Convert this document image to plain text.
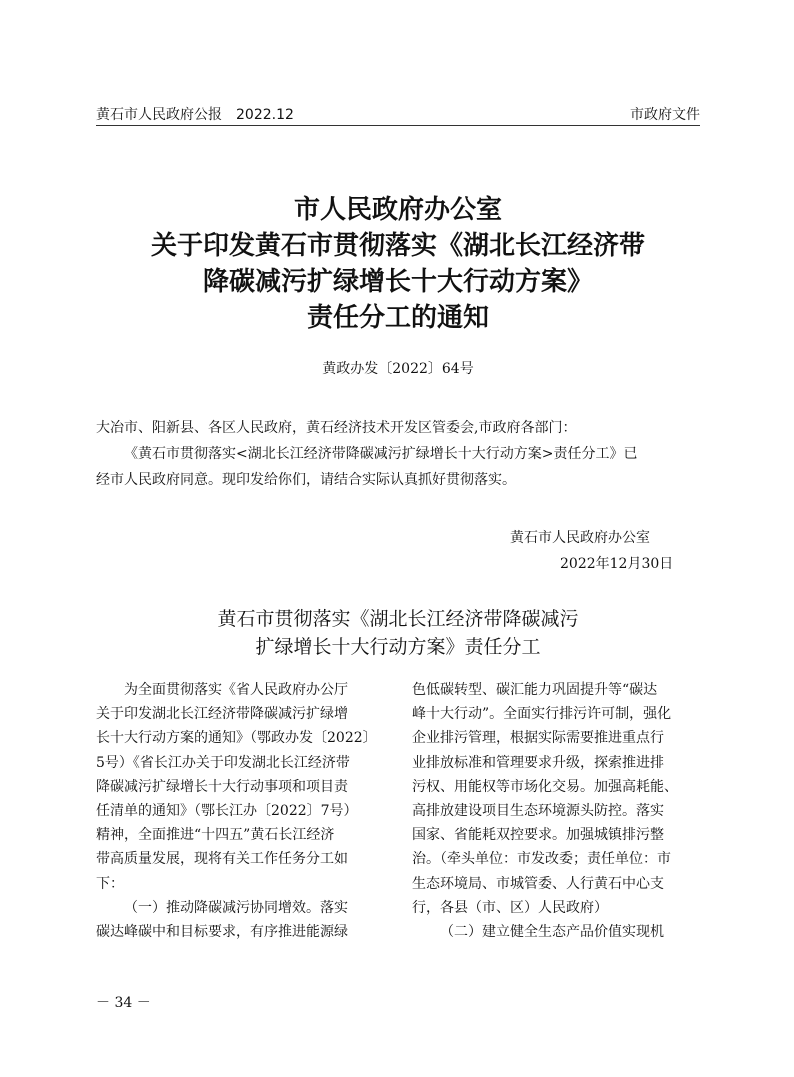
黄石市人民政府公报　2022.12	市政府文件
市人民政府办公室
关于印发黄石市贯彻落实《湖北长江经济带
降碳减污扩绿增长十大行动方案》
责任分工的通知
黄政办发〔2022〕64号
大冶市、阳新县、各区人民政府，黄石经济技术开发区管委会,市政府各部门：
《黄石市贯彻落实<湖北长江经济带降碳减污扩绿增长十大行动方案>责任分工》已
经市人民政府同意。现印发给你们，请结合实际认真抓好贯彻落实。
黄石市人民政府办公室
2022年12月30日
黄石市贯彻落实《湖北长江经济带降碳减污
扩绿增长十大行动方案》责任分工
为全面贯彻落实《省人民政府办公厅
关于印发湖北长江经济带降碳减污扩绿增
长十大行动方案的通知》（鄂政办发〔2022〕
5号）《省长江办关于印发湖北长江经济带
降碳减污扩绿增长十大行动事项和项目责
任清单的通知》（鄂长江办〔2022〕7号）
精神，全面推进“十四五”黄石长江经济
带高质量发展，现将有关工作任务分工如
下：
（一）推动降碳减污协同增效。落实
碳达峰碳中和目标要求，有序推进能源绿
色低碳转型、碳汇能力巩固提升等“碳达
峰十大行动”。全面实行排污许可制，强化
企业排污管理，根据实际需要推进重点行
业排放标准和管理要求升级，探索推进排
污权、用能权等市场化交易。加强高耗能、
高排放建设项目生态环境源头防控。落实
国家、省能耗双控要求。加强城镇排污整
治。（牵头单位：市发改委；责任单位：市
生态环境局、市城管委、人行黄石中心支
行，各县（市、区）人民政府）
（二）建立健全生态产品价值实现机
－ 34 －
